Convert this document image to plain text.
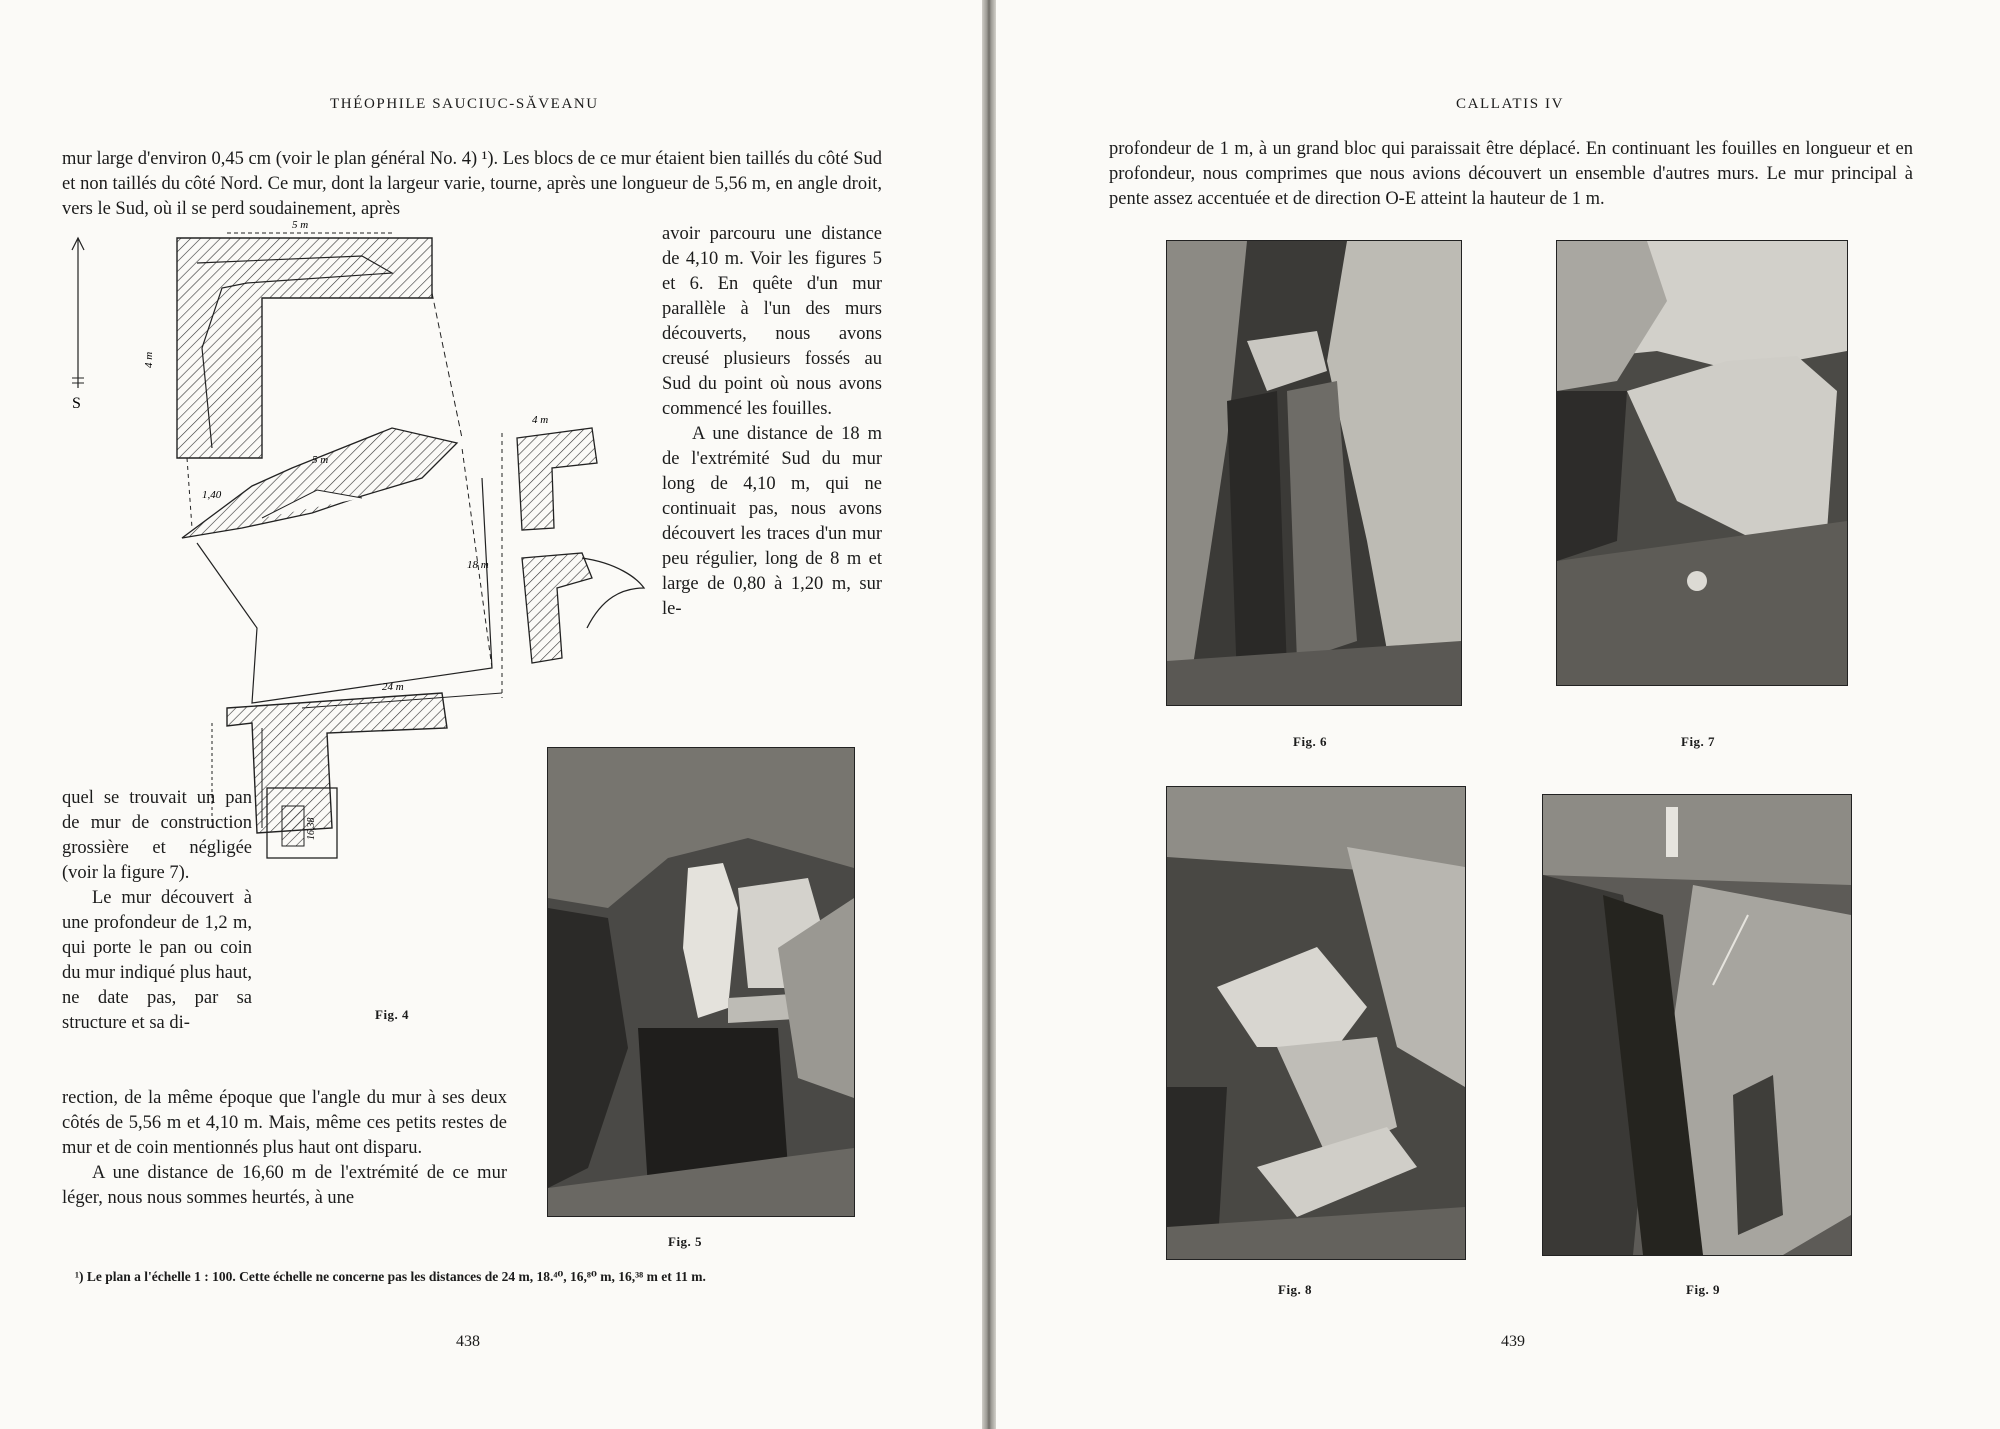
THÉOPHILE SAUCIUC-SĂVEANU

mur large d'environ 0,45 cm (voir le plan général No. 4) ¹). Les blocs de ce mur étaient bien taillés du côté Sud et non taillés du côté Nord. Ce mur, dont la largeur varie, tourne, après une longueur de 5,56 m, en angle droit, vers le Sud, où il se perd soudainement, après

avoir parcouru une distance de 4,10 m. Voir les figures 5 et 6. En quête d'un mur parallèle à l'un des murs découverts, nous avons creusé plusieurs fossés au Sud du point où nous avons commencé les fouilles.

A une distance de 18 m de l'extrémité Sud du mur long de 4,10 m, qui ne continuait pas, nous avons découvert les traces d'un mur peu régulier, long de 8 m et large de 0,80 à 1,20 m, sur le-

S
5 m
4 m
1,40
5 m
18 m
24 m
4 m
16,38
Fig. 4

quel se trouvait un pan de mur de construction grossière et négligée (voir la figure 7).

Le mur découvert à une profondeur de 1,2 m, qui porte le pan ou coin du mur indiqué plus haut, ne date pas, par sa structure et sa di-

rection, de la même époque que l'angle du mur à ses deux côtés de 5,56 m et 4,10 m. Mais, même ces petits restes de mur et de coin mentionnés plus haut ont disparu.

A une distance de 16,60 m de l'extrémité de ce mur léger, nous nous sommes heurtés, à une

Fig. 5
¹) Le plan a l'échelle 1 : 100. Cette échelle ne concerne pas les distances de 24 m, 18.⁴⁰, 16,⁸⁰ m, 16,³⁸ m et 11 m.
438
CALLATIS IV

profondeur de 1 m, à un grand bloc qui paraissait être déplacé. En continuant les fouilles en longueur et en profondeur, nous comprimes que nous avions découvert un ensemble d'autres murs. Le mur principal à pente assez accentuée et de direction O-E atteint la hauteur de 1 m.

Fig. 6	Fig. 7
Fig. 8	Fig. 9
439
